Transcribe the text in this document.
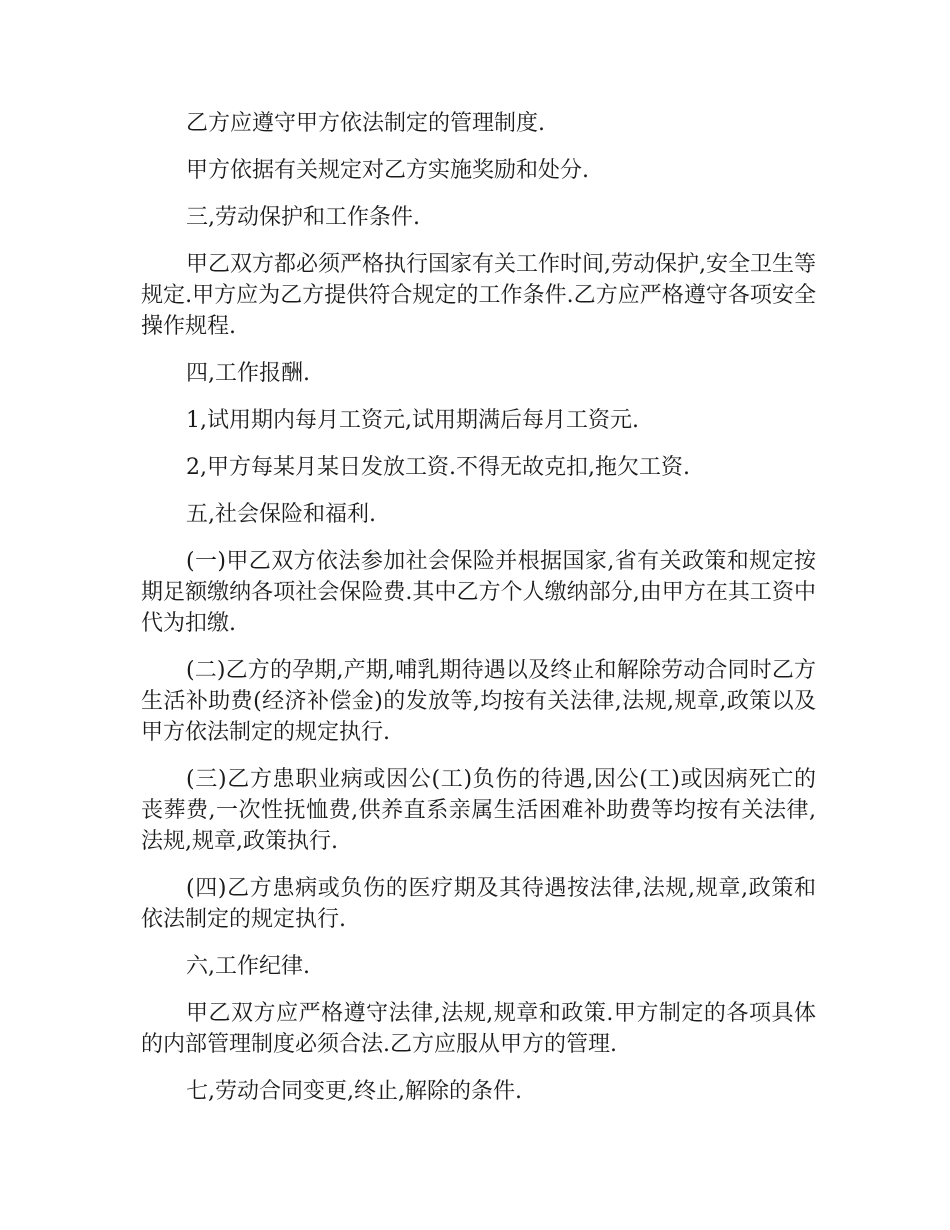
乙方应遵守甲方依法制定的管理制度.

甲方依据有关规定对乙方实施奖励和处分.

三,劳动保护和工作条件.

甲乙双方都必须严格执行国家有关工作时间,劳动保护,安全卫生等规定.甲方应为乙方提供符合规定的工作条件.乙方应严格遵守各项安全操作规程.

四,工作报酬.

1,试用期内每月工资元,试用期满后每月工资元.

2,甲方每某月某日发放工资.不得无故克扣,拖欠工资.

五,社会保险和福利.

(一)甲乙双方依法参加社会保险并根据国家,省有关政策和规定按期足额缴纳各项社会保险费.其中乙方个人缴纳部分,由甲方在其工资中代为扣缴.

(二)乙方的孕期,产期,哺乳期待遇以及终止和解除劳动合同时乙方生活补助费(经济补偿金)的发放等,均按有关法律,法规,规章,政策以及甲方依法制定的规定执行.

(三)乙方患职业病或因公(工)负伤的待遇,因公(工)或因病死亡的丧葬费,一次性抚恤费,供养直系亲属生活困难补助费等均按有关法律,法规,规章,政策执行.

(四)乙方患病或负伤的医疗期及其待遇按法律,法规,规章,政策和依法制定的规定执行.

六,工作纪律.

甲乙双方应严格遵守法律,法规,规章和政策.甲方制定的各项具体的内部管理制度必须合法.乙方应服从甲方的管理.

七,劳动合同变更,终止,解除的条件.
